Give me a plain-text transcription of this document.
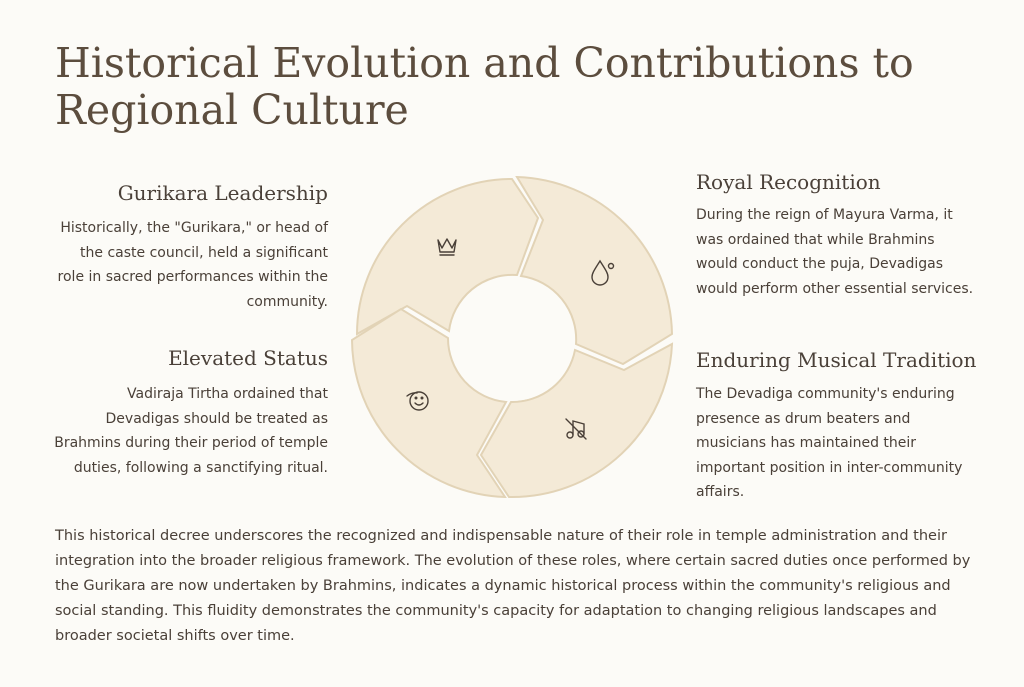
Historical Evolution and Contributions to Regional Culture
Gurikara Leadership

Historically, the "Gurikara," or head of the caste council, held a significant role in sacred performances within the community.

Elevated Status

Vadiraja Tirtha ordained that Devadigas should be treated as Brahmins during their period of temple duties, following a sanctifying ritual.

Royal Recognition

During the reign of Mayura Varma, it was ordained that while Brahmins would conduct the puja, Devadigas would perform other essential services.

Enduring Musical Tradition

The Devadiga community's enduring presence as drum beaters and musicians has maintained their important position in inter-community affairs.

This historical decree underscores the recognized and indispensable nature of their role in temple administration and their integration into the broader religious framework. The evolution of these roles, where certain sacred duties once performed by the Gurikara are now undertaken by Brahmins, indicates a dynamic historical process within the community's religious and social standing. This fluidity demonstrates the community's capacity for adaptation to changing religious landscapes and broader societal shifts over time.
